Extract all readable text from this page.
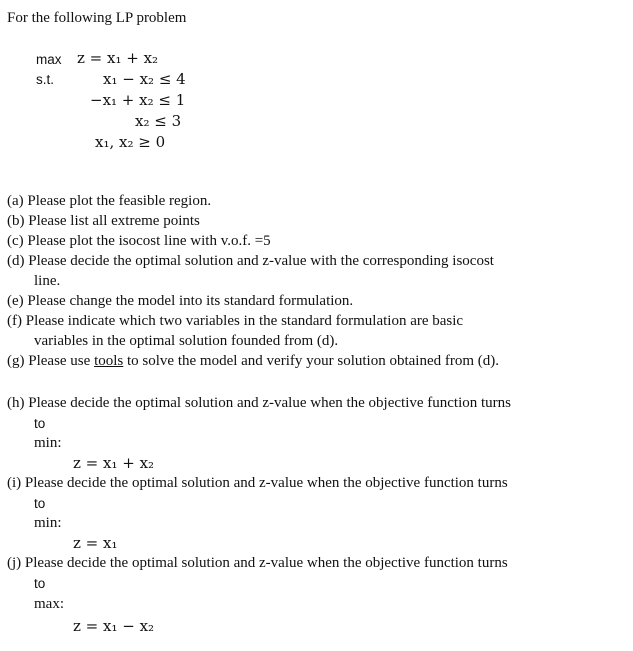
For the following LP problem
max z = x₁ + x₂
s.t.	x₁ − x₂ ≤ 4
−x₁ + x₂ ≤ 1
x₂ ≤ 3
x₁, x₂ ≥ 0
(a) Please plot the feasible region.
(b) Please list all extreme points
(c) Please plot the isocost line with v.o.f. =5
(d) Please decide the optimal solution and z-value with the corresponding isocost
line.
(e) Please change the model into its standard formulation.
(f) Please indicate which two variables in the standard formulation are basic
variables in the optimal solution founded from (d).
(g) Please use tools to solve the model and verify your solution obtained from (d).
(h) Please decide the optimal solution and z-value when the objective function turns
to
min:
z = x₁ + x₂
(i) Please decide the optimal solution and z-value when the objective function turns
to
min:
z = x₁
(j) Please decide the optimal solution and z-value when the objective function turns
to
max:
z = x₁ − x₂
